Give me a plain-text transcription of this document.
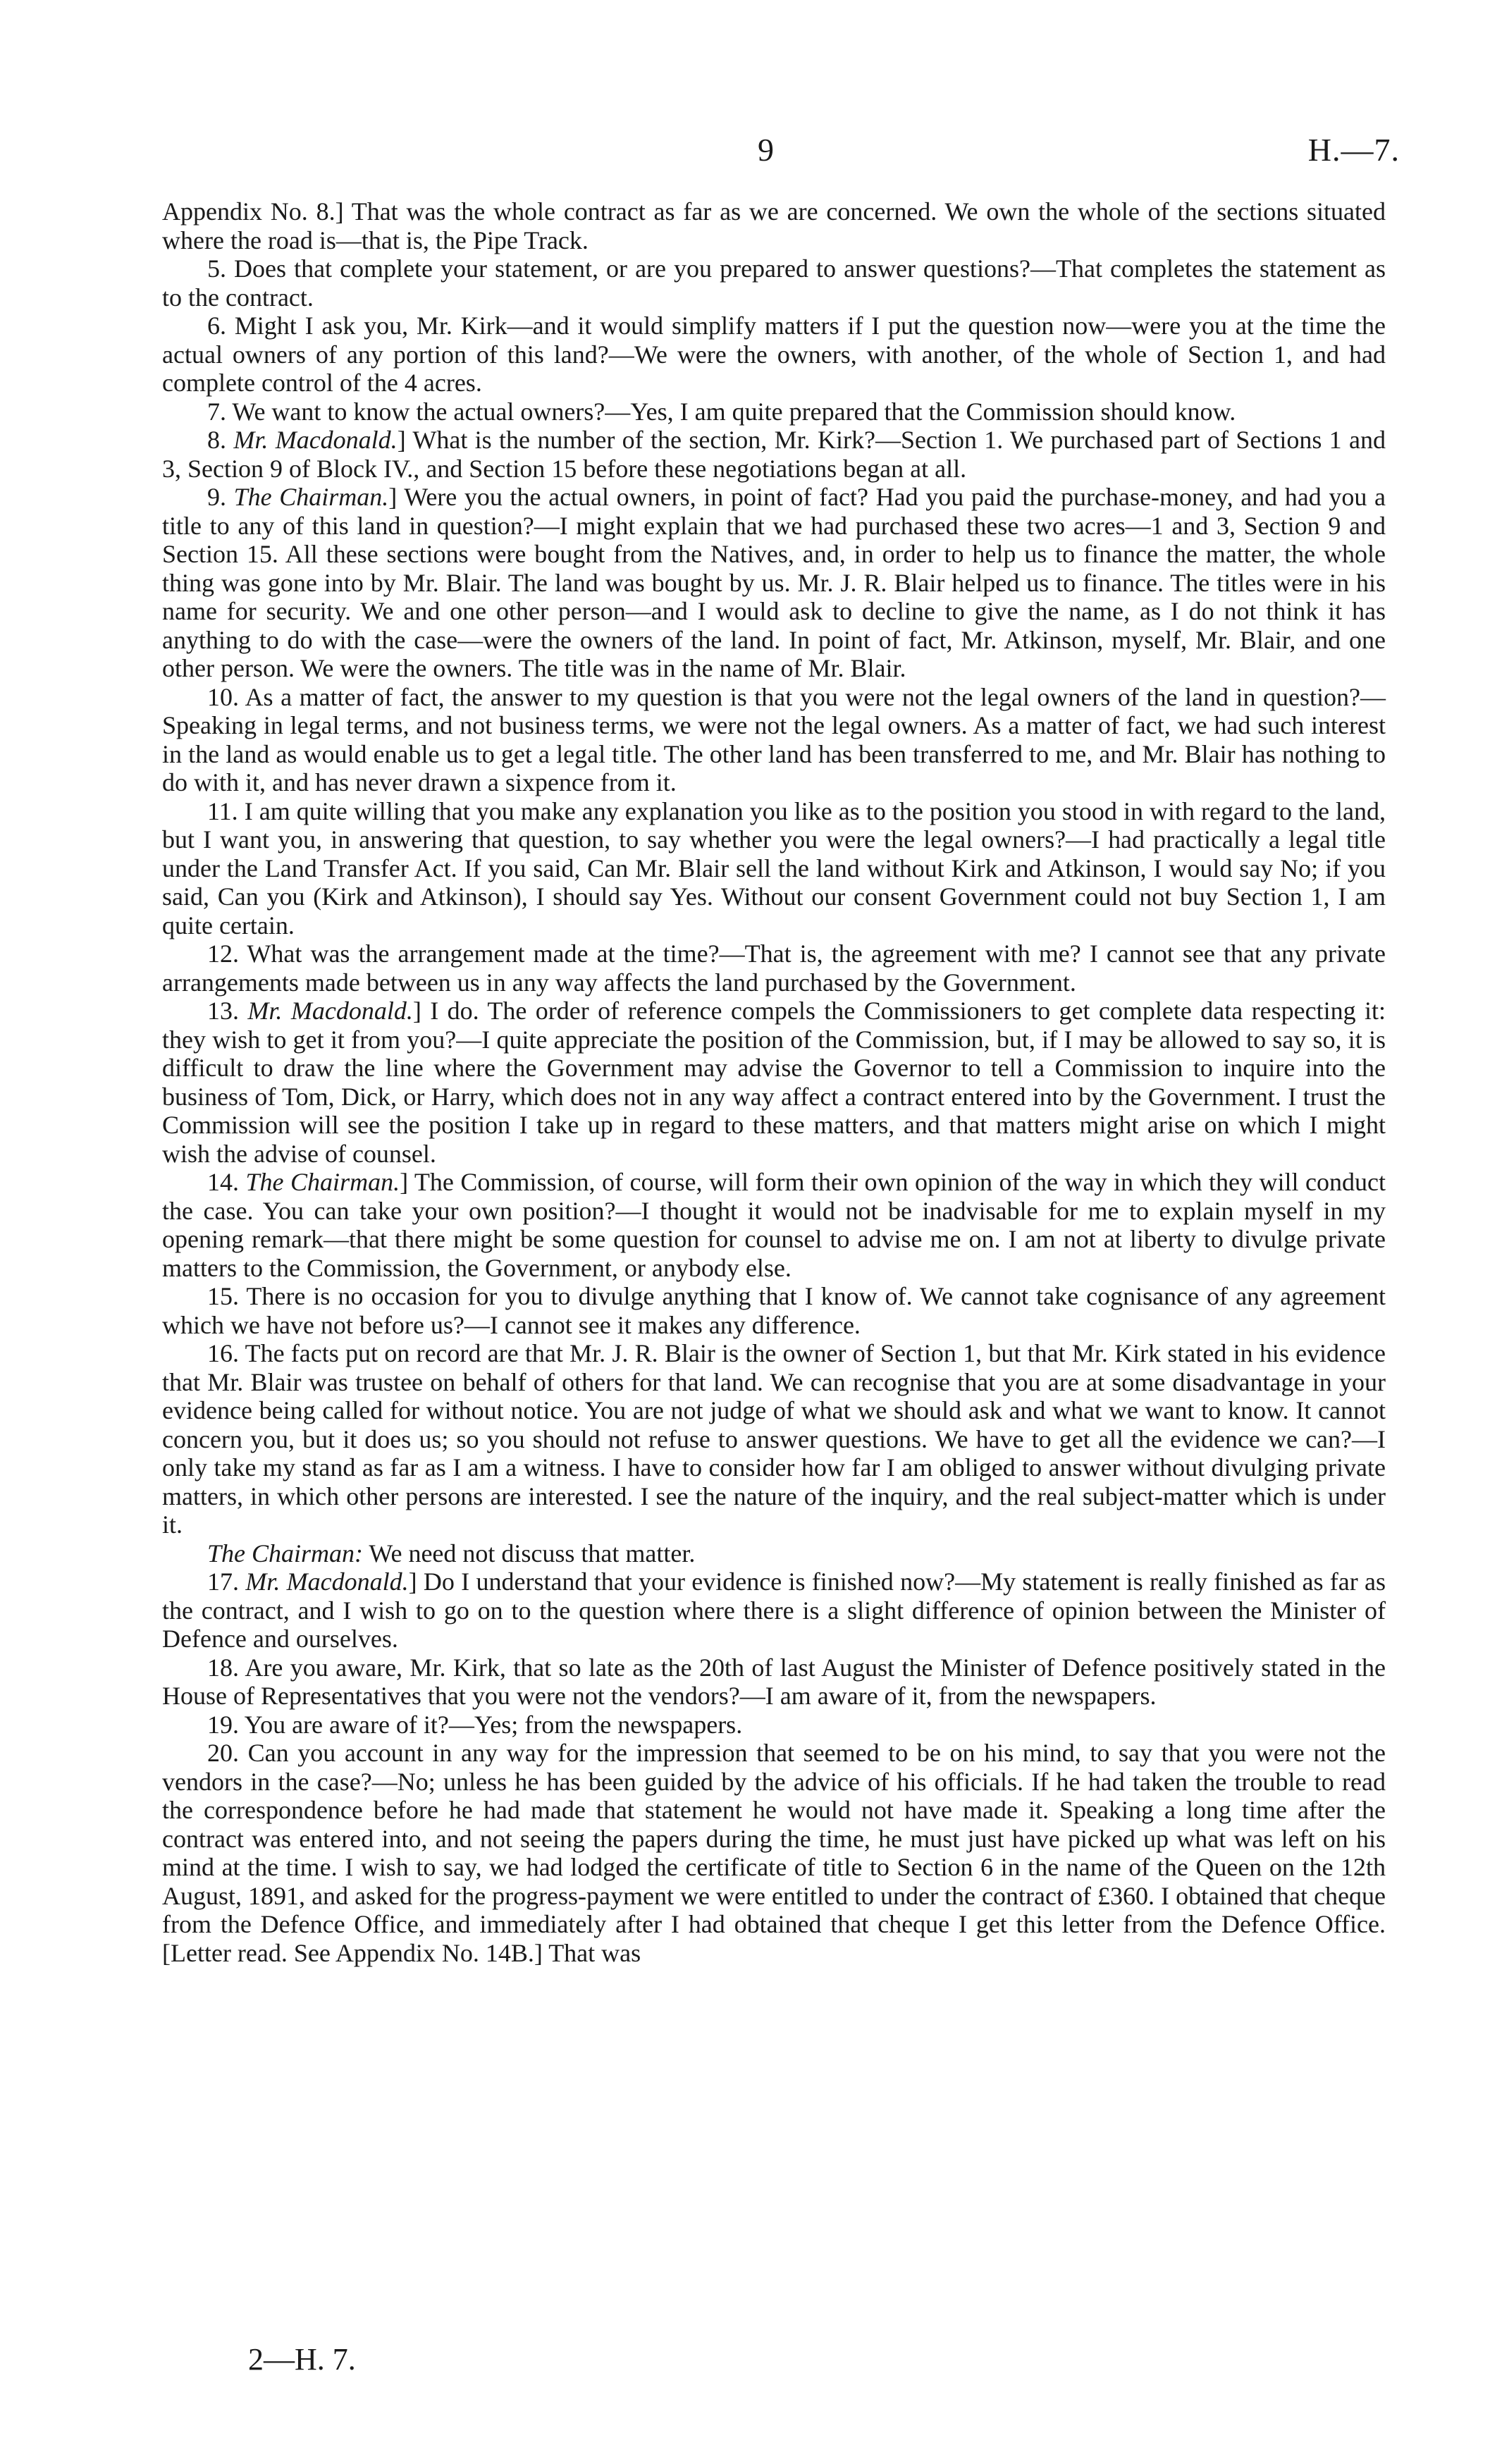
9	H.—7.

Appendix No. 8.] That was the whole contract as far as we are concerned. We own the whole of the sections situated where the road is—that is, the Pipe Track.

5. Does that complete your statement, or are you prepared to answer questions?—That completes the statement as to the contract.

6. Might I ask you, Mr. Kirk—and it would simplify matters if I put the question now—were you at the time the actual owners of any portion of this land?—We were the owners, with another, of the whole of Section 1, and had complete control of the 4 acres.

7. We want to know the actual owners?—Yes, I am quite prepared that the Commission should know.

8. Mr. Macdonald.] What is the number of the section, Mr. Kirk?—Section 1. We purchased part of Sections 1 and 3, Section 9 of Block IV., and Section 15 before these negotiations began at all.

9. The Chairman.] Were you the actual owners, in point of fact? Had you paid the purchase-money, and had you a title to any of this land in question?—I might explain that we had purchased these two acres—1 and 3, Section 9 and Section 15. All these sections were bought from the Natives, and, in order to help us to finance the matter, the whole thing was gone into by Mr. Blair. The land was bought by us. Mr. J. R. Blair helped us to finance. The titles were in his name for security. We and one other person—and I would ask to decline to give the name, as I do not think it has anything to do with the case—were the owners of the land. In point of fact, Mr. Atkinson, myself, Mr. Blair, and one other person. We were the owners. The title was in the name of Mr. Blair.

10. As a matter of fact, the answer to my question is that you were not the legal owners of the land in question?—Speaking in legal terms, and not business terms, we were not the legal owners. As a matter of fact, we had such interest in the land as would enable us to get a legal title. The other land has been transferred to me, and Mr. Blair has nothing to do with it, and has never drawn a sixpence from it.

11. I am quite willing that you make any explanation you like as to the position you stood in with regard to the land, but I want you, in answering that question, to say whether you were the legal owners?—I had practically a legal title under the Land Transfer Act. If you said, Can Mr. Blair sell the land without Kirk and Atkinson, I would say No; if you said, Can you (Kirk and Atkinson), I should say Yes. Without our consent Government could not buy Section 1, I am quite certain.

12. What was the arrangement made at the time?—That is, the agreement with me? I cannot see that any private arrangements made between us in any way affects the land purchased by the Government.

13. Mr. Macdonald.] I do. The order of reference compels the Commissioners to get complete data respecting it: they wish to get it from you?—I quite appreciate the position of the Commission, but, if I may be allowed to say so, it is difficult to draw the line where the Government may advise the Governor to tell a Commission to inquire into the business of Tom, Dick, or Harry, which does not in any way affect a contract entered into by the Government. I trust the Commission will see the position I take up in regard to these matters, and that matters might arise on which I might wish the advise of counsel.

14. The Chairman.] The Commission, of course, will form their own opinion of the way in which they will conduct the case. You can take your own position?—I thought it would not be inadvisable for me to explain myself in my opening remark—that there might be some question for counsel to advise me on. I am not at liberty to divulge private matters to the Commission, the Government, or anybody else.

15. There is no occasion for you to divulge anything that I know of. We cannot take cognisance of any agreement which we have not before us?—I cannot see it makes any difference.

16. The facts put on record are that Mr. J. R. Blair is the owner of Section 1, but that Mr. Kirk stated in his evidence that Mr. Blair was trustee on behalf of others for that land. We can recognise that you are at some disadvantage in your evidence being called for without notice. You are not judge of what we should ask and what we want to know. It cannot concern you, but it does us; so you should not refuse to answer questions. We have to get all the evidence we can?—I only take my stand as far as I am a witness. I have to consider how far I am obliged to answer without divulging private matters, in which other persons are interested. I see the nature of the inquiry, and the real subject-matter which is under it.

The Chairman: We need not discuss that matter.

17. Mr. Macdonald.] Do I understand that your evidence is finished now?—My statement is really finished as far as the contract, and I wish to go on to the question where there is a slight difference of opinion between the Minister of Defence and ourselves.

18. Are you aware, Mr. Kirk, that so late as the 20th of last August the Minister of Defence positively stated in the House of Representatives that you were not the vendors?—I am aware of it, from the newspapers.

19. You are aware of it?—Yes; from the newspapers.

20. Can you account in any way for the impression that seemed to be on his mind, to say that you were not the vendors in the case?—No; unless he has been guided by the advice of his officials. If he had taken the trouble to read the correspondence before he had made that statement he would not have made it. Speaking a long time after the contract was entered into, and not seeing the papers during the time, he must just have picked up what was left on his mind at the time. I wish to say, we had lodged the certificate of title to Section 6 in the name of the Queen on the 12th August, 1891, and asked for the progress-payment we were entitled to under the contract of £360. I obtained that cheque from the Defence Office, and immediately after I had obtained that cheque I get this letter from the Defence Office. [Letter read. See Appendix No. 14B.] That was

2—H. 7.
